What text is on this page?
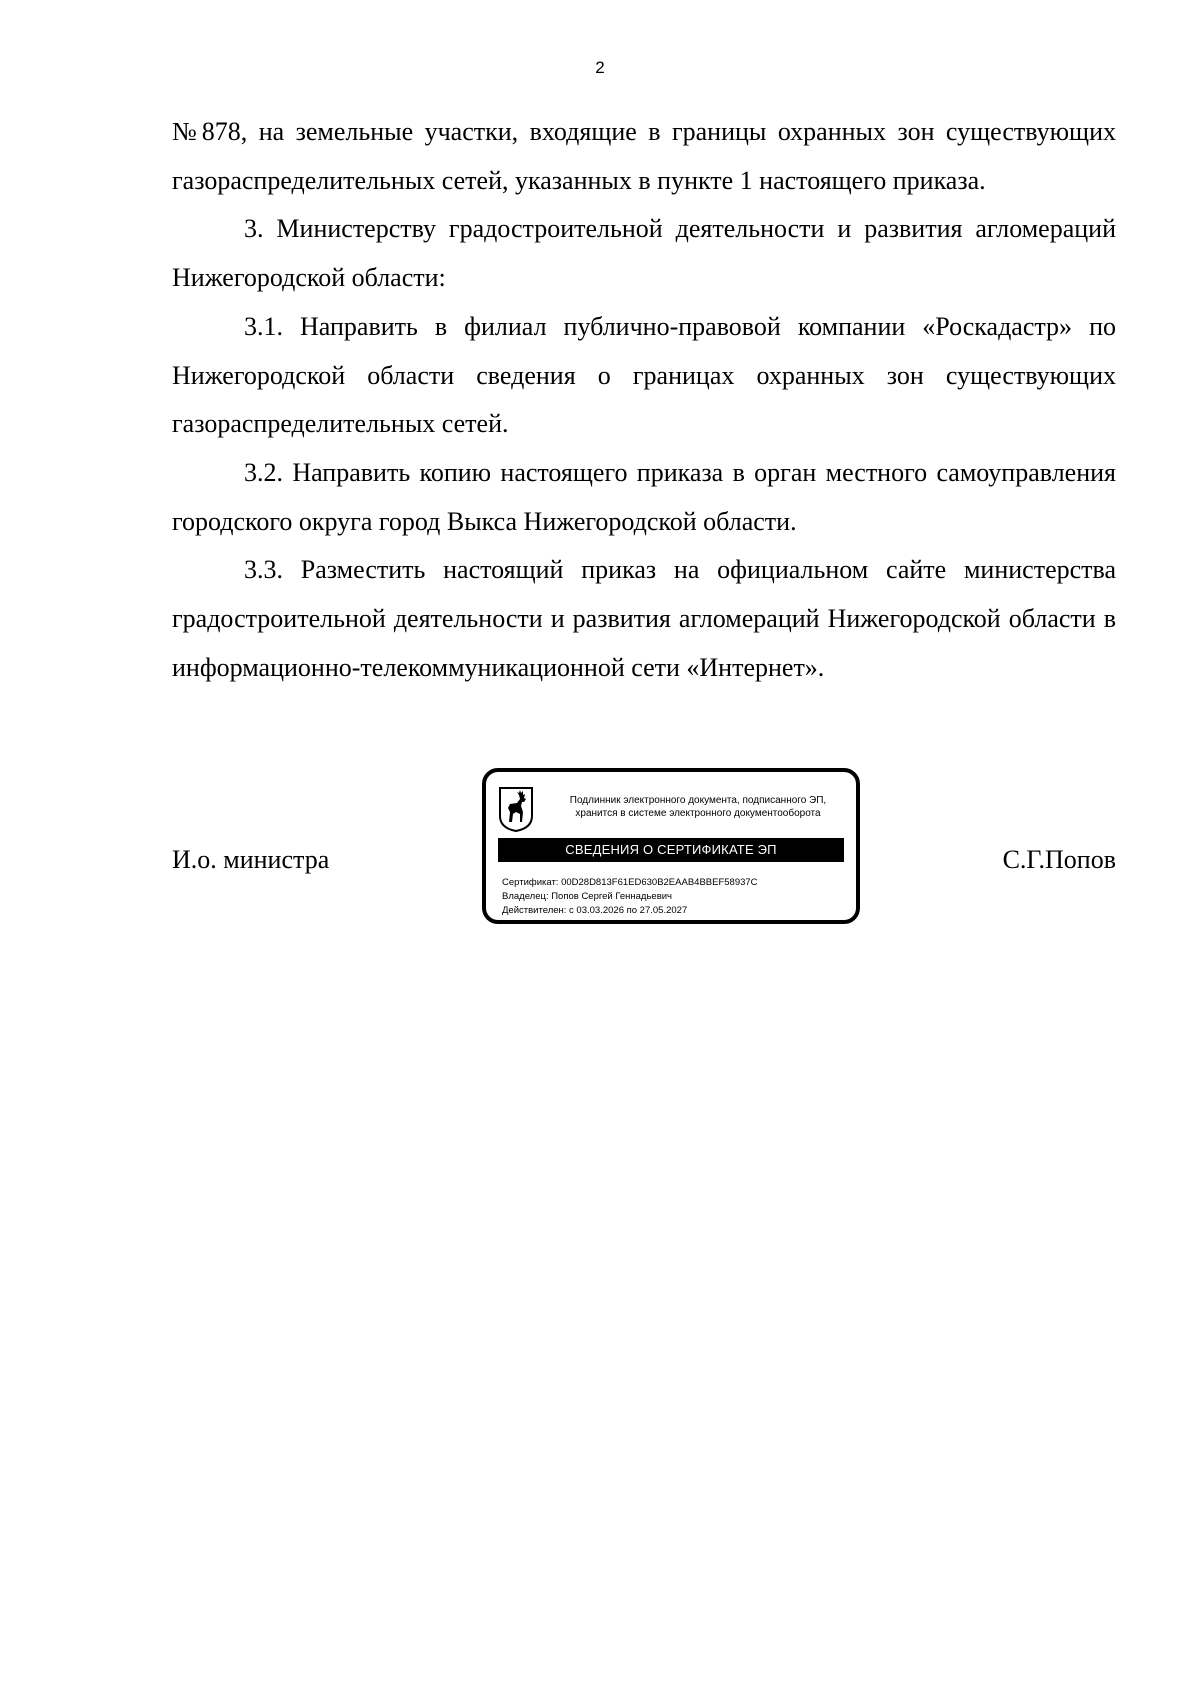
2

№878, на земельные участки, входящие в границы охранных зон существующих газораспределительных сетей, указанных в пункте 1 настоящего приказа.

3. Министерству градостроительной деятельности и развития агломераций Нижегородской области:

3.1. Направить в филиал публично-правовой компании «Роскадастр» по Нижегородской области сведения о границах охранных зон существующих газораспределительных сетей.

3.2. Направить копию настоящего приказа в орган местного самоуправления городского округа город Выкса Нижегородской области.

3.3. Разместить настоящий приказ на официальном сайте министерства градостроительной деятельности и развития агломераций Нижегородской области в информационно-телекоммуникационной сети «Интернет».

И.о. министра	С.Г.Попов
Подлинник электронного документа, подписанного ЭП,
хранится в системе электронного документооборота
СВЕДЕНИЯ О СЕРТИФИКАТЕ ЭП
Сертификат: 00D28D813F61ED630B2EAAB4BBEF58937C
Владелец: Попов Сергей Геннадьевич
Действителен: с 03.03.2026 по 27.05.2027
